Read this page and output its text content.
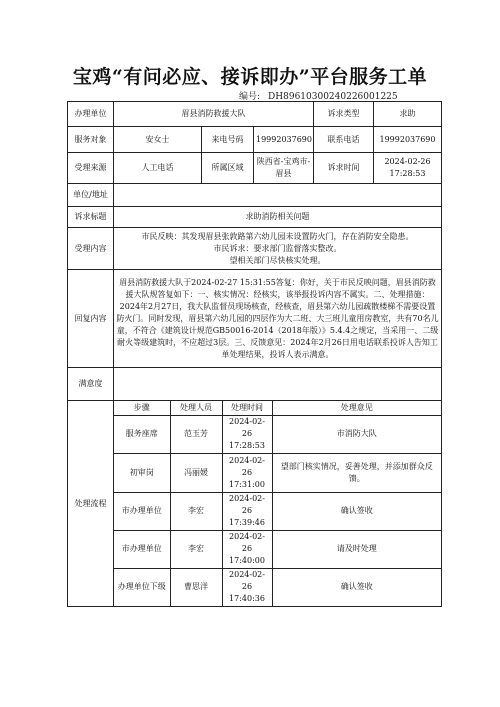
宝鸡“有问必应、接诉即办”平台服务工单
编号: DH89610300240226001225
办理单位	眉县消防救援大队	诉求类型	求助
服务对象	安女士	来电号码	19992037690	联系电话	19992037690
受理来源	人工电话	所属区域	陕西省-宝鸡市-眉县	诉求时间	2024-02-26 17:28:53
单位/地址	
诉求标题	求助消防相关问题
受理内容	市民反映：其发现眉县张敦路第六幼儿园未设置防火门，存在消防安全隐患。
市民诉求：要求部门监督落实整改。
望相关部门尽快核实处理。
回复内容	眉县消防救援大队于2024-02-27 15:31:55答复：你好，关于市民反映问题，眉县消防救援大队规答复如下：一、核实情况：经核实，该举报投诉内容不属实。二、处理措施：2024年2月27日，我大队监督员现场核查，经核查，眉县第六幼儿园疏散楼梯不需要设置防火门。同时发现，眉县第六幼儿园的四层作为大二班、大三班儿童用房教室，共有70名儿童，不符合《建筑设计规范GB50016-2014（2018年版）》5.4.4之规定，当采用一、二级耐火等级建筑时，不应超过3层。三、反馈意见：2024年2月26日用电话联系投诉人告知工单处理结果，投诉人表示满意。
满意度	
处理流程	
步骤	处理人员	处理时间	处理意见
服务座席	范玉芳	2024-02-26 17:28:53	市消防大队
初审岗	冯丽媛	2024-02-26 17:31:00	望部门核实情况，妥善处理，并添加群众反馈。
市办理单位	李宏	2024-02-26 17:39:46	确认签收
市办理单位	李宏	2024-02-26 17:40:00	请及时处理
办理单位下级	曹思洋	2024-02-26 17:40:36	确认签收
